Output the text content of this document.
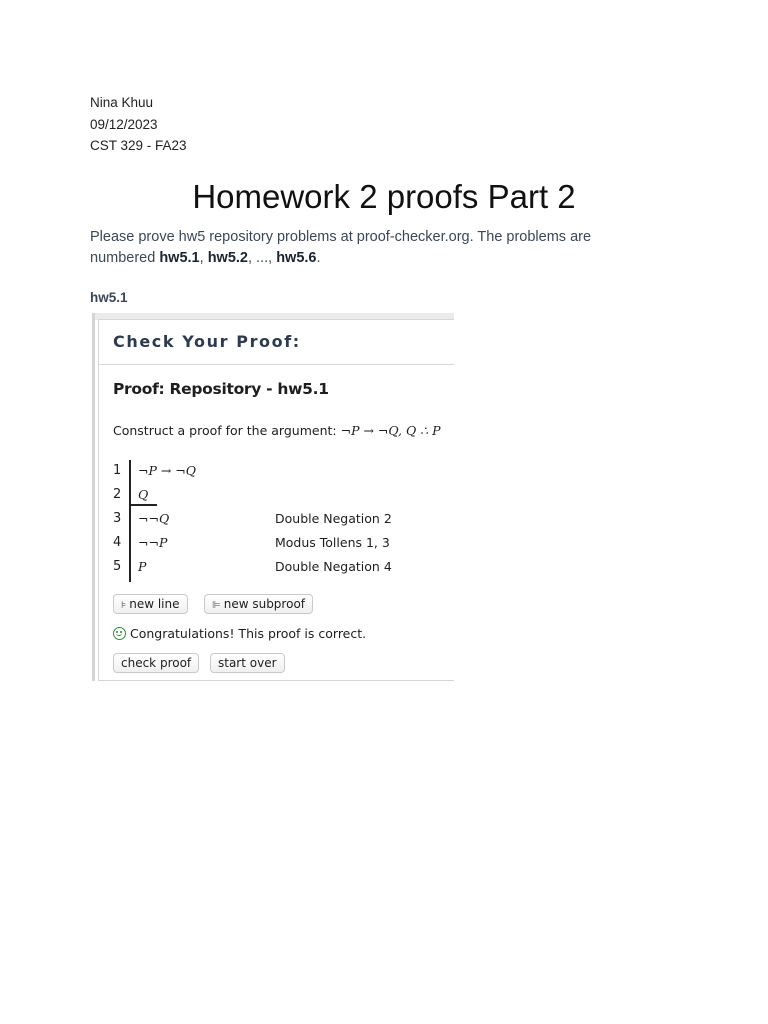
Nina Khuu
09/12/2023
CST 329 - FA23
Homework 2 proofs Part 2

Please prove hw5 repository problems at proof-checker.org. The problems are numbered hw5.1, hw5.2, ..., hw5.6.

hw5.1
Check Your Proof:
Proof: Repository - hw5.1
Construct a proof for the argument: ¬P → ¬Q, Q ∴ P
1 ¬P → ¬Q
2 Q
3 ¬¬Q	Double Negation 2
4 ¬¬P	Modus Tollens 1, 3
5 P	Double Negation 4
⊧ new line	⊫ new subproof
Congratulations! This proof is correct.
check proof	start over
